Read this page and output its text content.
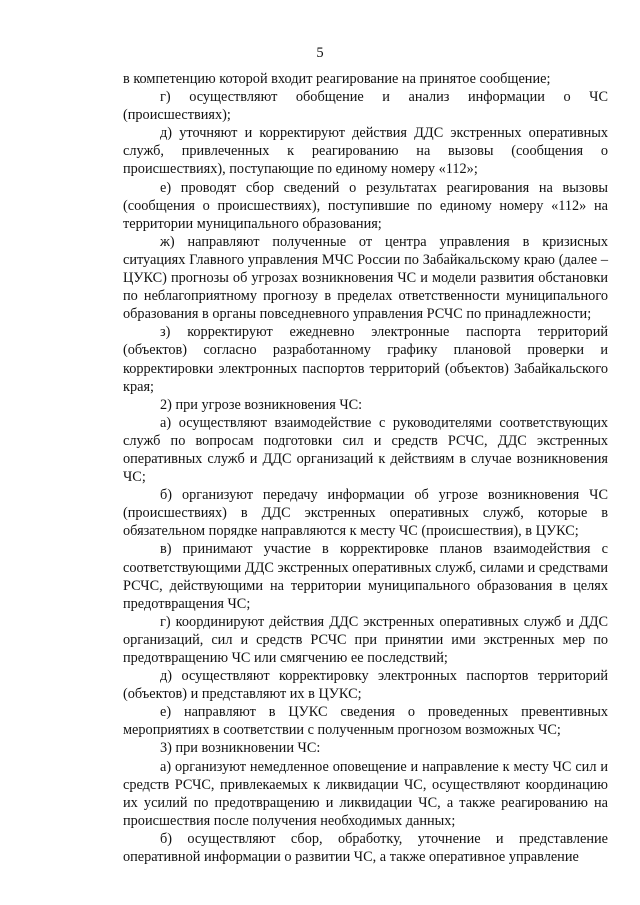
5

в компетенцию которой входит реагирование на принятое сообщение;

г) осуществляют обобщение и анализ информации о ЧС (происшествиях);

д) уточняют и корректируют действия ДДС экстренных оперативных служб, привлеченных к реагированию на вызовы (сообщения о происшествиях), поступающие по единому номеру «112»;

е) проводят сбор сведений о результатах реагирования на вызовы (сообщения о происшествиях), поступившие по единому номеру «112» на территории муниципального образования;

ж) направляют полученные от центра управления в кризисных ситуациях Главного управления МЧС России по Забайкальскому краю (далее – ЦУКС) прогнозы об угрозах возникновения ЧС и модели развития обстановки по неблагоприятному прогнозу в пределах ответственности муниципального образования в органы повседневного управления РСЧС по принадлежности;

з) корректируют ежедневно электронные паспорта территорий (объектов) согласно разработанному графику плановой проверки и корректировки электронных паспортов территорий (объектов) Забайкальского края;

2) при угрозе возникновения ЧС:

а) осуществляют взаимодействие с руководителями соответствующих служб по вопросам подготовки сил и средств РСЧС, ДДС экстренных оперативных служб и ДДС организаций к действиям в случае возникновения ЧС;

б) организуют передачу информации об угрозе возникновения ЧС (происшествиях) в ДДС экстренных оперативных служб, которые в обязательном порядке направляются к месту ЧС (происшествия), в ЦУКС;

в) принимают участие в корректировке планов взаимодействия с соответствующими ДДС экстренных оперативных служб, силами и средствами РСЧС, действующими на территории муниципального образования в целях предотвращения ЧС;

г) координируют действия ДДС экстренных оперативных служб и ДДС организаций, сил и средств РСЧС при принятии ими экстренных мер по предотвращению ЧС или смягчению ее последствий;

д) осуществляют корректировку электронных паспортов территорий (объектов) и представляют их в ЦУКС;

е) направляют в ЦУКС сведения о проведенных превентивных мероприятиях в соответствии с полученным прогнозом возможных ЧС;

3) при возникновении ЧС:

а) организуют немедленное оповещение и направление к месту ЧС сил и средств РСЧС, привлекаемых к ликвидации ЧС, осуществляют координацию их усилий по предотвращению и ликвидации ЧС, а также реагированию на происшествия после получения необходимых данных;

б) осуществляют сбор, обработку, уточнение и представление оперативной информации о развитии ЧС, а также оперативное управление
